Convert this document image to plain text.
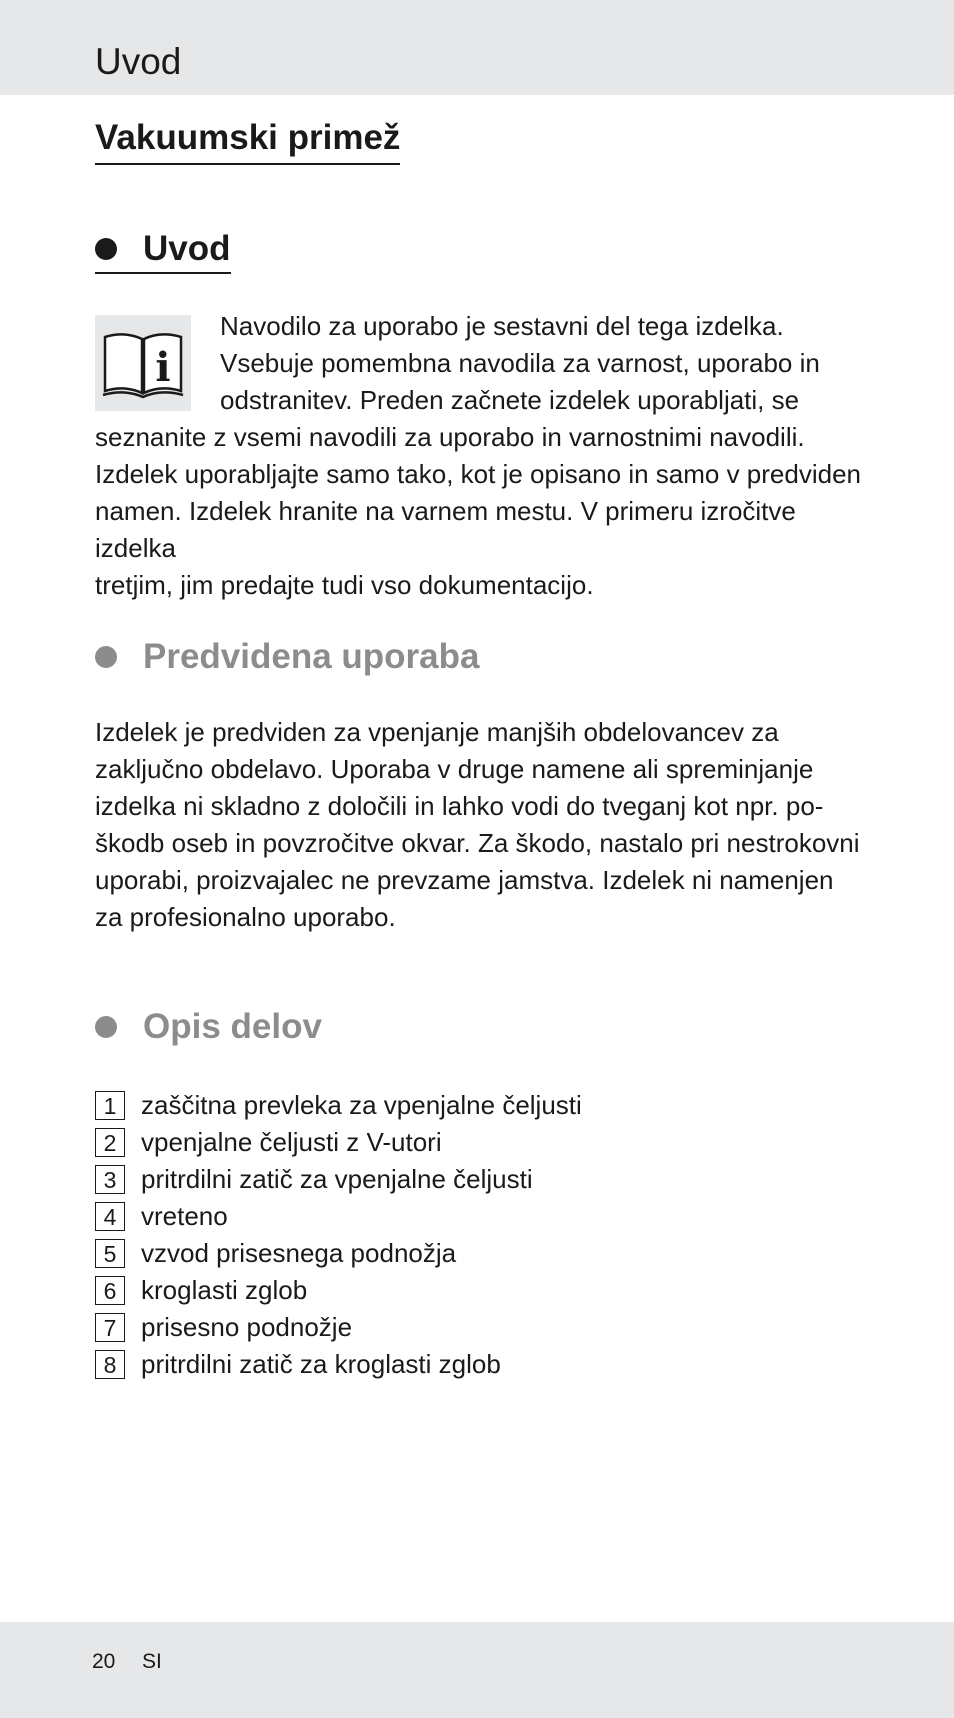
Uvod
Vakuumski primež
Uvod
i
Navodilo za uporabo je sestavni del tega izdelka.
Vsebuje pomembna navodila za varnost, uporabo in
odstranitev. Preden začnete izdelek uporabljati, se
seznanite z vsemi navodili za uporabo in varnostnimi navodili.
Izdelek uporabljajte samo tako, kot je opisano in samo v predviden
namen. Izdelek hranite na varnem mestu. V primeru izročitve izdelka
tretjim, jim predajte tudi vso dokumentacijo.
Predvidena uporaba
Izdelek je predviden za vpenjanje manjših obdelovancev za
zaključno obdelavo. Uporaba v druge namene ali spreminjanje
izdelka ni skladno z določili in lahko vodi do tveganj kot npr. po-
škodb oseb in povzročitve okvar. Za škodo, nastalo pri nestrokovni
uporabi, proizvajalec ne prevzame jamstva. Izdelek ni namenjen
za profesionalno uporabo.
Opis delov
1 zaščitna prevleka za vpenjalne čeljusti
2 vpenjalne čeljusti z V-utori
3 pritrdilni zatič za vpenjalne čeljusti
4 vreteno
5 vzvod prisesnega podnožja
6 kroglasti zglob
7 prisesno podnožje
8 pritrdilni zatič za kroglasti zglob
20 SI
